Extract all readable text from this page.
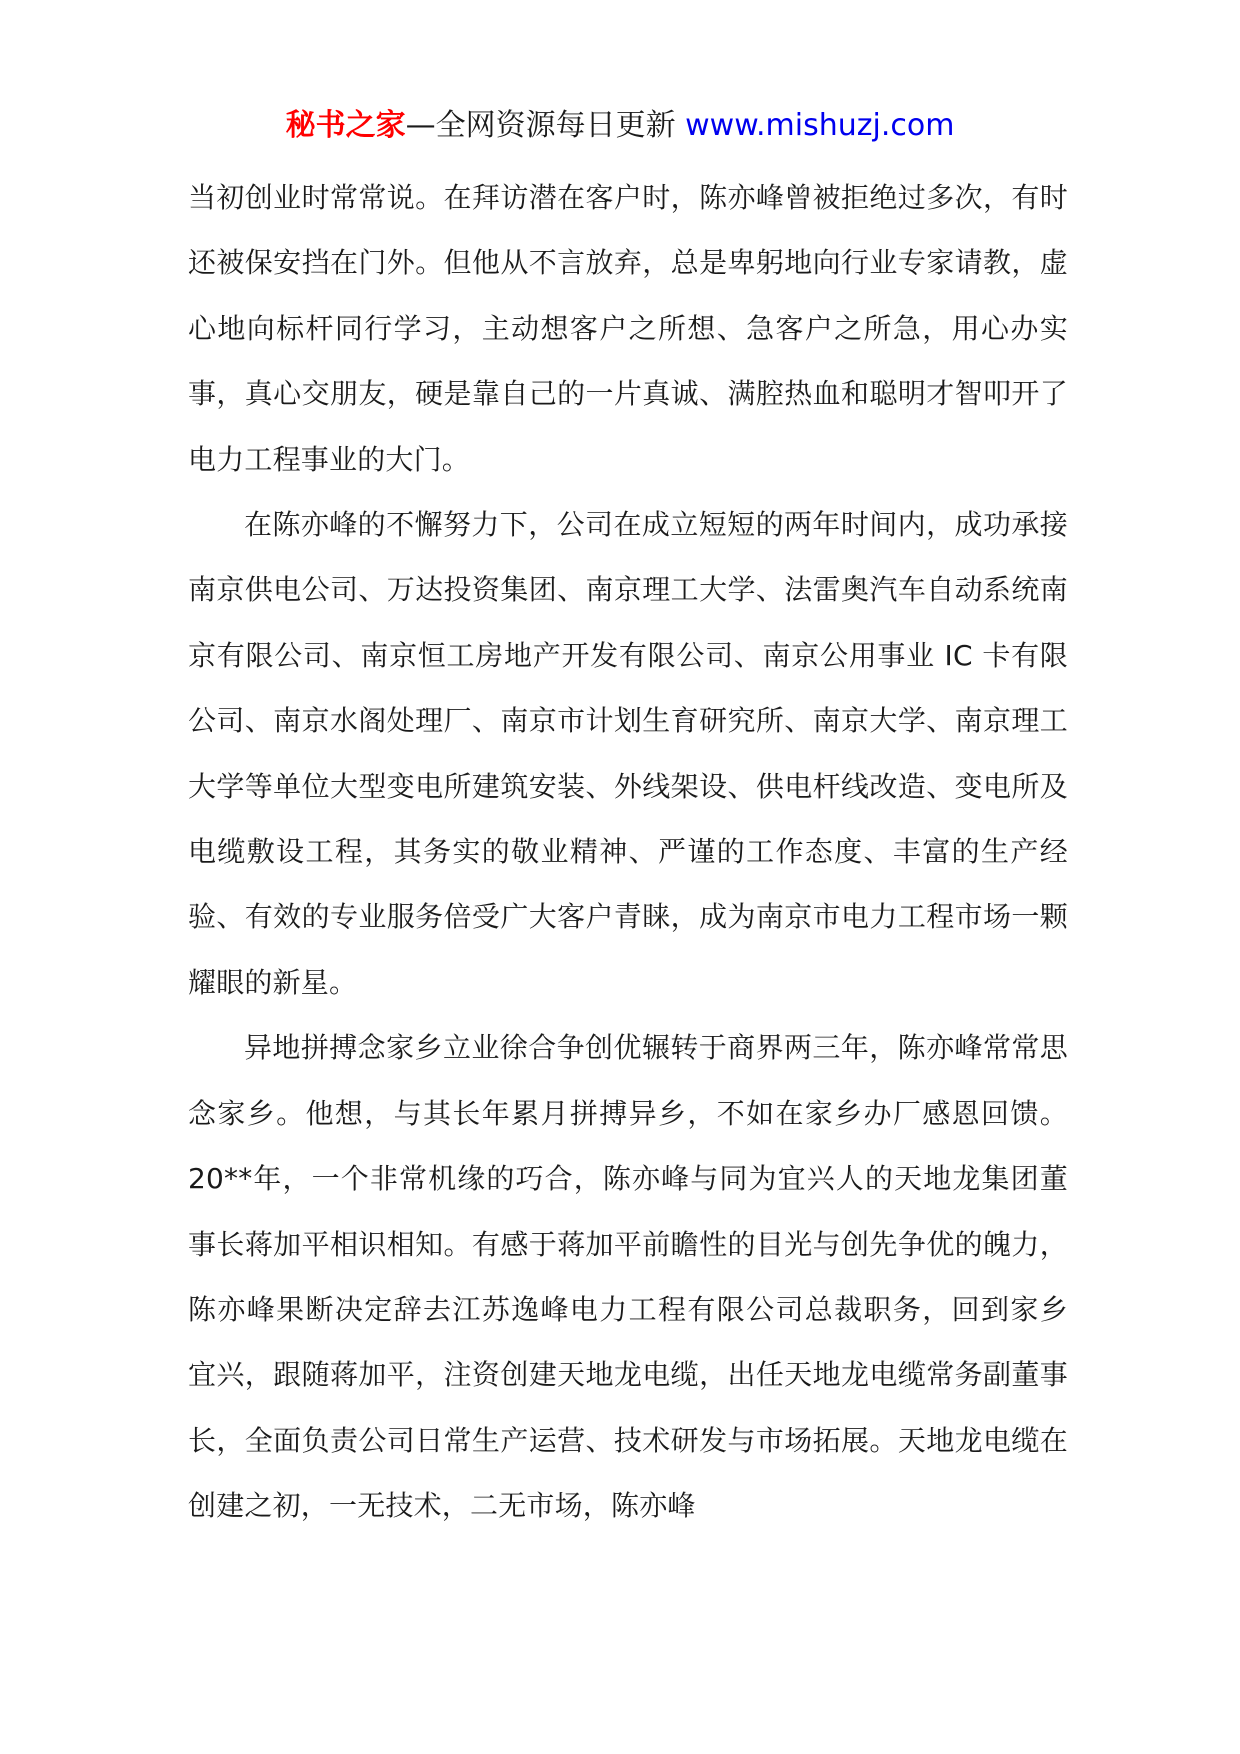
秘书之家—全网资源每日更新 www.mishuzj.com

当初创业时常常说。在拜访潜在客户时，陈亦峰曾被拒绝过多次，有时还被保安挡在门外。但他从不言放弃，总是卑躬地向行业专家请教，虚心地向标杆同行学习，主动想客户之所想、急客户之所急，用心办实事，真心交朋友，硬是靠自己的一片真诚、满腔热血和聪明才智叩开了电力工程事业的大门。

在陈亦峰的不懈努力下，公司在成立短短的两年时间内，成功承接南京供电公司、万达投资集团、南京理工大学、法雷奥汽车自动系统南京有限公司、南京恒工房地产开发有限公司、南京公用事业 IC 卡有限公司、南京水阁处理厂、南京市计划生育研究所、南京大学、南京理工大学等单位大型变电所建筑安装、外线架设、供电杆线改造、变电所及电缆敷设工程，其务实的敬业精神、严谨的工作态度、丰富的生产经验、有效的专业服务倍受广大客户青睐，成为南京市电力工程市场一颗耀眼的新星。

异地拼搏念家乡立业徐合争创优辗转于商界两三年，陈亦峰常常思念家乡。他想，与其长年累月拼搏异乡，不如在家乡办厂感恩回馈。20**年，一个非常机缘的巧合，陈亦峰与同为宜兴人的天地龙集团董事长蒋加平相识相知。有感于蒋加平前瞻性的目光与创先争优的魄力，陈亦峰果断决定辞去江苏逸峰电力工程有限公司总裁职务，回到家乡 宜兴，跟随蒋加平，注资创建天地龙电缆，出任天地龙电缆常务副董事长，全面负责公司日常生产运营、技术研发与市场拓展。天地龙电缆在创建之初，一无技术，二无市场，陈亦峰
